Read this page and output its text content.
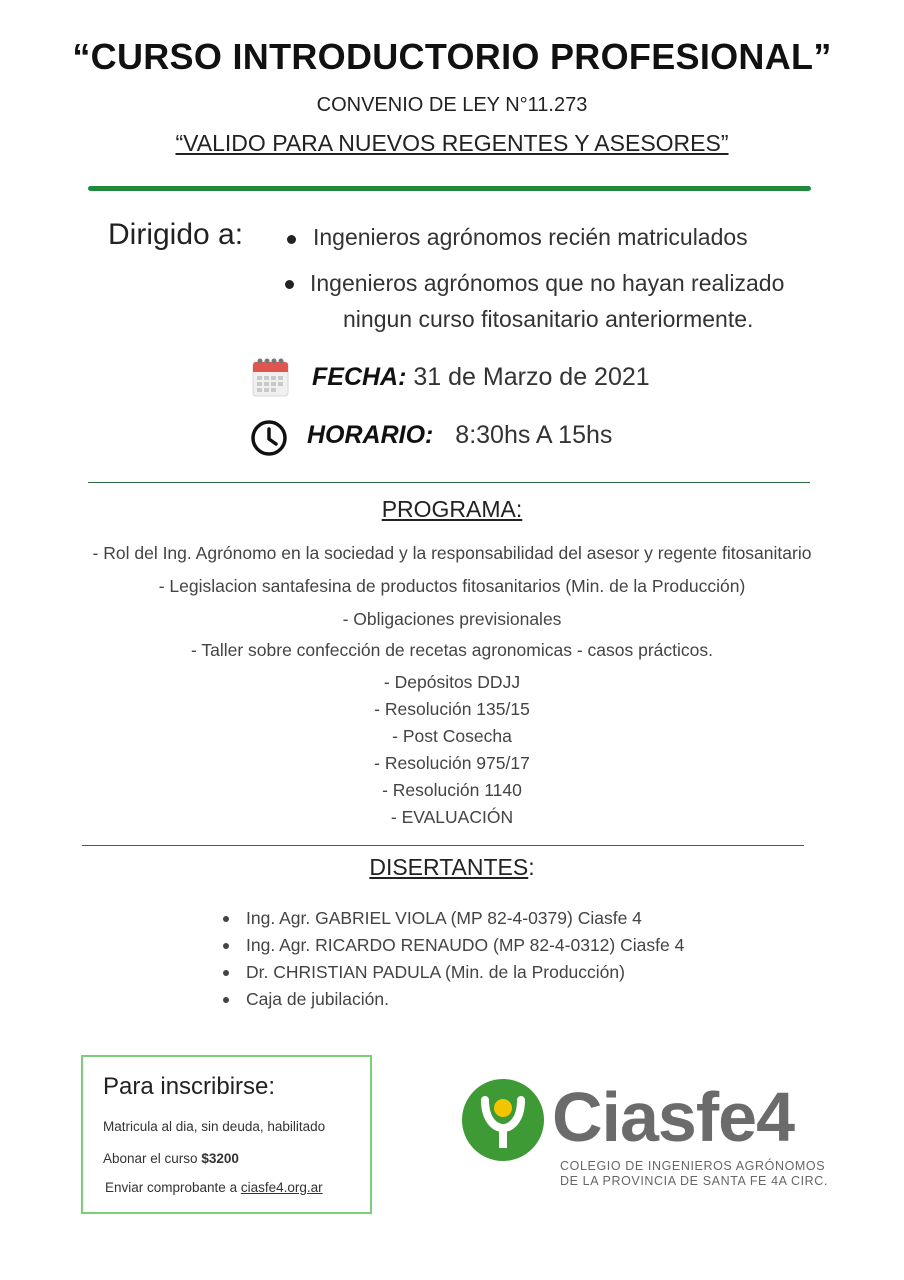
“CURSO INTRODUCTORIO PROFESIONAL”
CONVENIO DE LEY N°11.273
“VALIDO PARA NUEVOS REGENTES Y ASESORES”
Dirigido a:	Ingenieros agrónomos recién matriculados
Ingenieros agrónomos que no hayan realizado
ningun curso fitosanitario anteriormente.
FECHA: 31 de Marzo de 2021
HORARIO: 8:30hs A 15hs
PROGRAMA:
- Rol del Ing. Agrónomo en la sociedad y la responsabilidad del asesor y regente fitosanitario
- Legislacion santafesina de productos fitosanitarios (Min. de la Producción)
- Obligaciones previsionales
- Taller sobre confección de recetas agronomicas - casos prácticos.
- Depósitos DDJJ
- Resolución 135/15
- Post Cosecha
- Resolución 975/17
- Resolución 1140
- EVALUACIÓN
DISERTANTES:
Ing. Agr. GABRIEL VIOLA (MP 82-4-0379) Ciasfe 4
Ing. Agr. RICARDO RENAUDO (MP 82-4-0312) Ciasfe 4
Dr. CHRISTIAN PADULA (Min. de la Producción)
Caja de jubilación.
Para inscribirse:
Matricula al dia, sin deuda, habilitado
Abonar el curso $3200
Enviar comprobante a ciasfe4.org.ar
Ciasfe4
COLEGIO DE INGENIEROS AGRÓNOMOS
DE LA PROVINCIA DE SANTA FE 4A CIRC.
